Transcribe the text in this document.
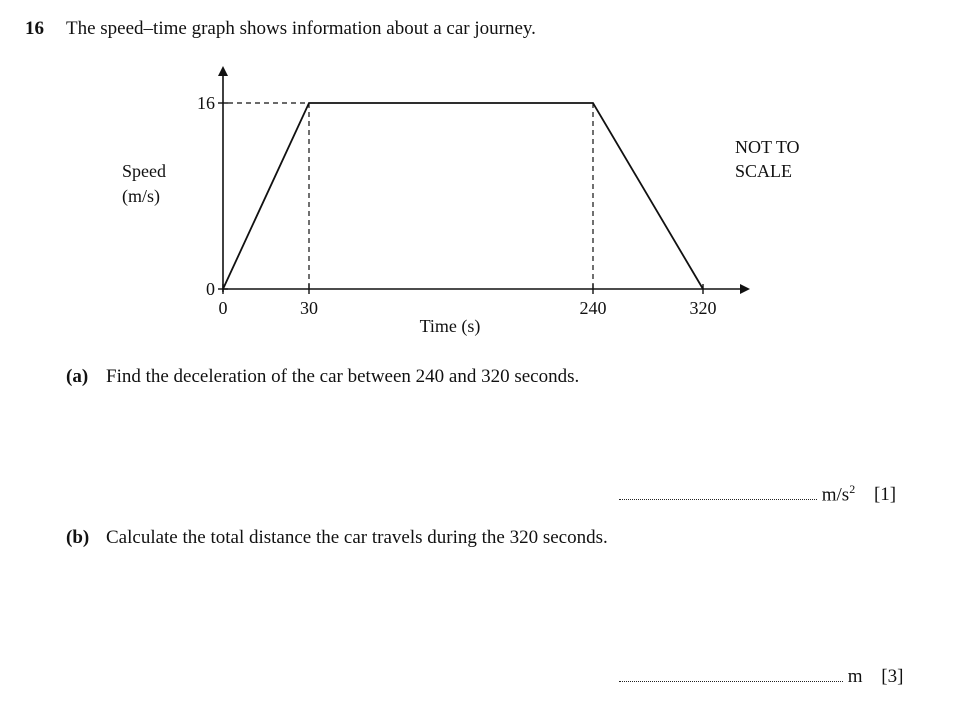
16 The speed–time graph shows information about a car journey.
0	30	240	320
0
16
Time (s)
Speed
(m/s)
NOT TO
SCALE
(a) Find the deceleration of the car between 240 and 320 seconds.
$m/s^2$ [1]
(b) Calculate the total distance the car travels during the 320 seconds.
m [3]
